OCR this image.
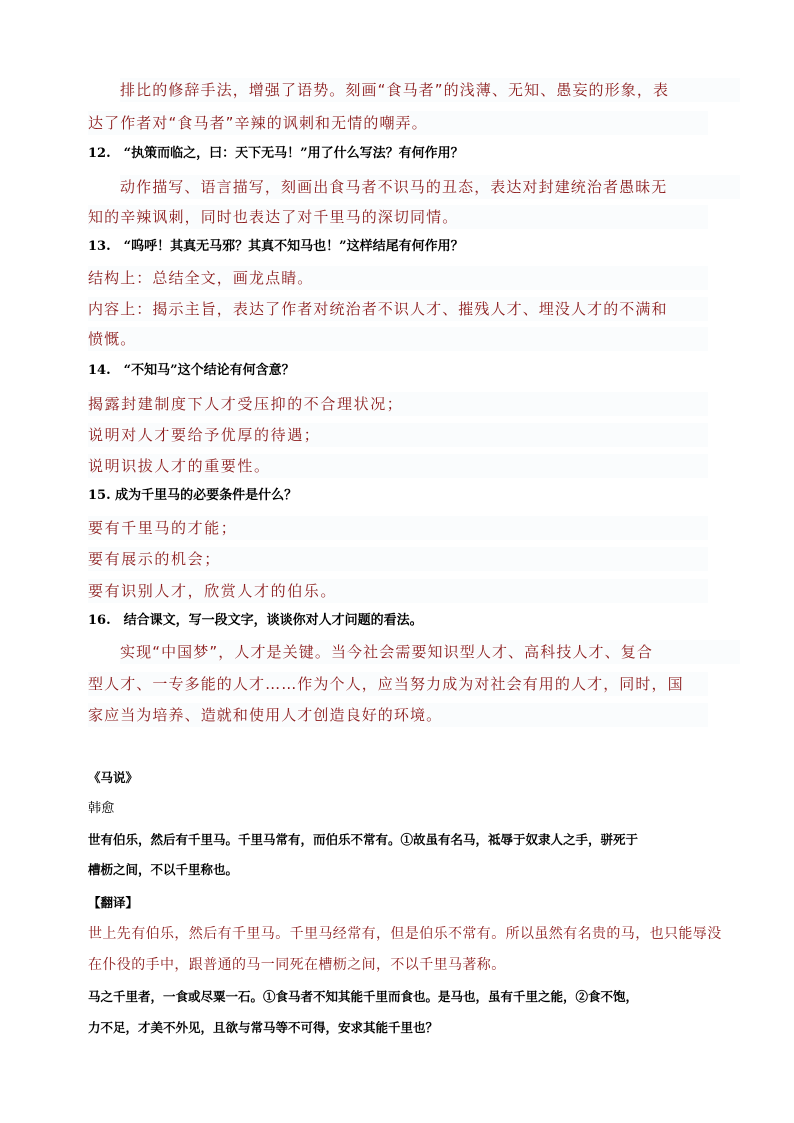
排比的修辞手法，增强了语势。刻画“食马者”的浅薄、无知、愚妄的形象，表
达了作者对“食马者”辛辣的讽刺和无情的嘲弄。
12.　“执策而临之，曰：天下无马！”用了什么写法？有何作用？
动作描写、语言描写，刻画出食马者不识马的丑态，表达对封建统治者愚昧无
知的辛辣讽刺，同时也表达了对千里马的深切同情。
13.　“呜呼！其真无马邪？其真不知马也！”这样结尾有何作用？
结构上：总结全文，画龙点睛。
内容上：揭示主旨，表达了作者对统治者不识人才、摧残人才、埋没人才的不满和
愤慨。
14.　“不知马”这个结论有何含意？
揭露封建制度下人才受压抑的不合理状况；
说明对人才要给予优厚的待遇；
说明识拔人才的重要性。
15. 成为千里马的必要条件是什么？
要有千里马的才能；
要有展示的机会；
要有识别人才，欣赏人才的伯乐。
16.　结合课文，写一段文字，谈谈你对人才问题的看法。
实现“中国梦”，人才是关键。当今社会需要知识型人才、高科技人才、复合
型人才、一专多能的人才……作为个人，应当努力成为对社会有用的人才，同时，国
家应当为培养、造就和使用人才创造良好的环境。
《马说》
韩愈
世有伯乐，然后有千里马。千里马常有，而伯乐不常有。①故虽有名马，祗辱于奴隶人之手，骈死于
槽枥之间，不以千里称也。
【翻译】
世上先有伯乐，然后有千里马。千里马经常有，但是伯乐不常有。所以虽然有名贵的马，也只能辱没
在仆役的手中，跟普通的马一同死在槽枥之间，不以千里马著称。
马之千里者，一食或尽粟一石。①食马者不知其能千里而食也。是马也，虽有千里之能，②食不饱，
力不足，才美不外见，且欲与常马等不可得，安求其能千里也？
